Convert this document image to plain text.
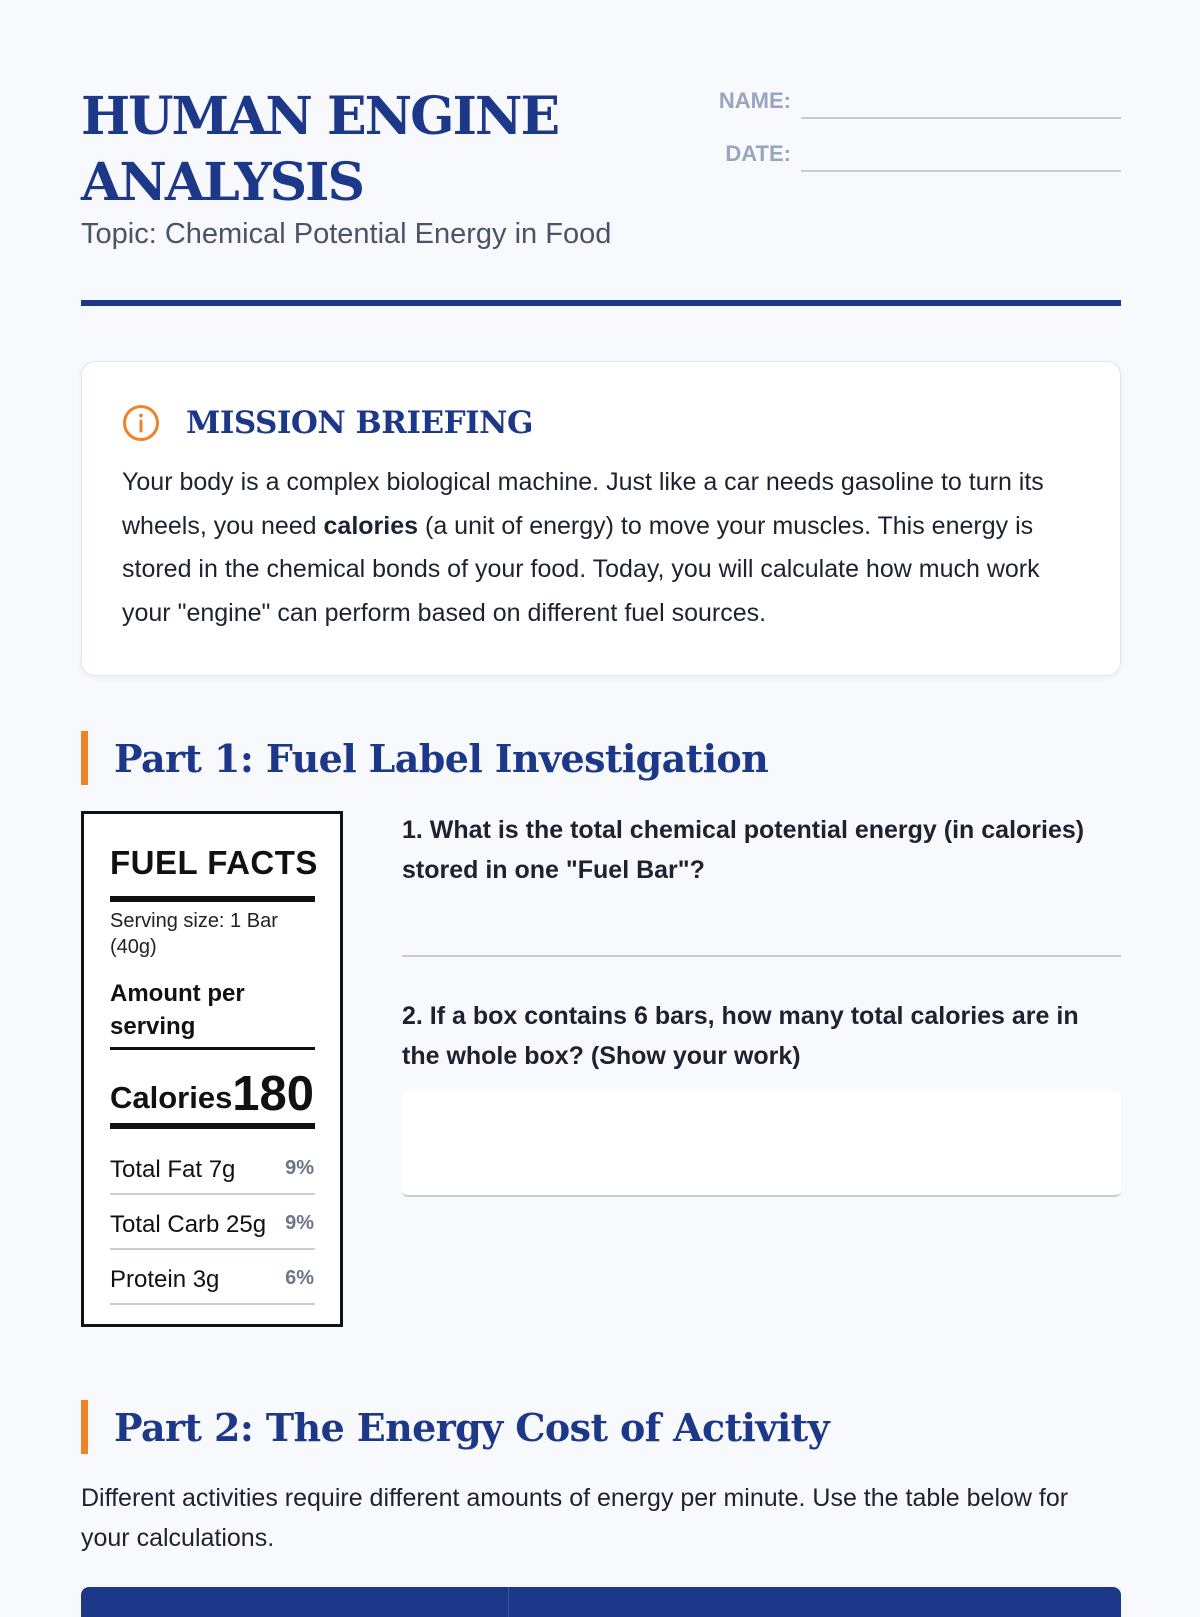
HUMAN ENGINE ANALYSIS

Topic: Chemical Potential Energy in Food

NAME:
DATE:
MISSION BRIEFING
Your body is a complex biological machine. Just like a car needs gasoline to turn its wheels, you need calories (a unit of energy) to move your muscles. This energy is stored in the chemical bonds of your food. Today, you will calculate how much work your "engine" can perform based on different fuel sources.
Part 1: Fuel Label Investigation
FUEL FACTS
Serving size: 1 Bar (40g)
Amount per serving
Calories 180
Total Fat 7g 9%
Total Carb 25g 9%
Protein 3g	6%
1. What is the total chemical potential energy (in calories) stored in one "Fuel Bar"?
2. If a box contains 6 bars, how many total calories are in the whole box? (Show your work)
Part 2: The Energy Cost of Activity
Different activities require different amounts of energy per minute. Use the table below for your calculations.
